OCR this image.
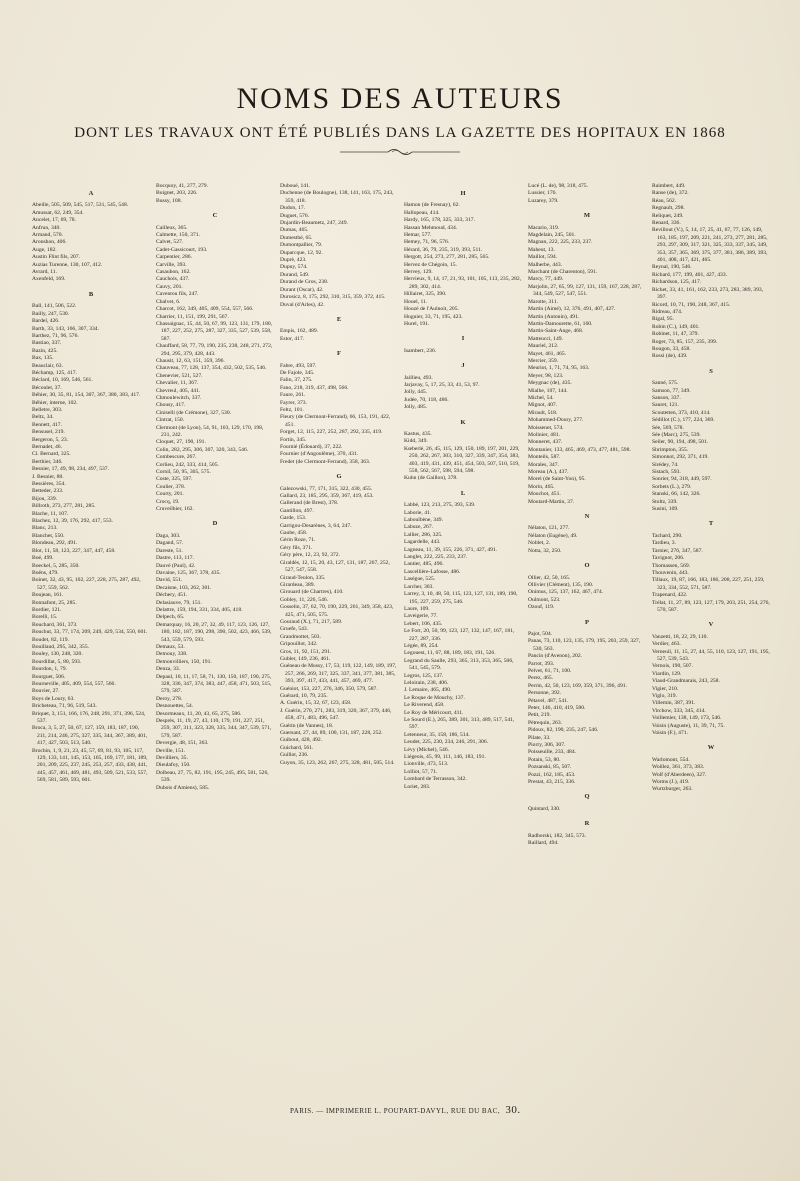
NOMS DES AUTEURS
DONT LES TRAVAUX ONT ÉTÉ PUBLIÉS DANS LA GAZETTE DES HOPITAUX EN 1868
A
Abeille, 505, 509, 545, 517, 531, 545, 548.
Amussat, 62, 249, 354.
Ancelet, 17, 69, 78.
Anfrun, 340.
Armand, 570.
Aronshon, 406.
Auge, 182.
Austin Flint fils, 207.
Auzias Turenne, 130, 107, 412.
Avrard, 11.
Axenfeld, 169.
B
Ball, 141, 506, 522.
Bailly, 247, 530.
Bardel, 426.
Barth, 33, 143, 166, 307, 334.
Barthez, 71, 96, 576.
Bastiao, 337.
Bazin, 425.
Bax, 135.
Beauclair, 63.
Béchamp, 125, 417.
Béclard, 10, 169, 546, 561.
Bécoulet, 37.
Béhier, 30, 35, 81, 154, 307, 367, 380, 383, 417.
Béhier, interne, 102.
Belletre, 303.
Beltz, 34.
Bennett, 417.
Bensusel, 219.
Bergeron, 5, 23.
Bernadet, 46.
Cl. Bernard, 325.
Berthier, 346.
Besnier, 17, 49, 98, 234, 497, 537.
J. Besnier, 88.
Bessières, 354.
Betteder, 233.
Bijou, 339.
Billroth, 273, 277, 281, 285.
Blache, 11, 107.
Blachez, 12, 39, 176, 292, 417, 553.
Blanc, 213.
Blanchet, 550.
Blondeau, 292, 491.
Blot, 11, 58, 123, 227, 347, 447, 458.
Boé, 499.
Boeckel, 5, 285, 350.
Boëns, 479.
Boinet, 32, 43, 95, 102, 227, 228, 275, 287, 492, 527, 559, 562.
Boujean, 161.
Bonnafont, 25, 285.
Bordier, 121.
Borelli, 15.
Bouchard, 361, 373.
Bouchut, 33, 77, 174, 209, 249, 429, 534, 550, 601.
Boudet, 82, 119.
Bouillaud, 295, 342, 355.
Bouley, 130, 248, 320.
Bourdillat, 5, 80, 593.
Bourdon, 1, 79.
Bourguet, 506.
Bourneville, 405, 409, 554, 557, 566.
Bouvier, 27.
Boys de Loury, 63.
Bricheteau, 71, 96, 519, 543.
Briquet, 3, 151, 166, 176, 248, 291, 371, 396, 524, 537.
Broca, 3, 5, 27, 50, 67, 127, 159, 183, 187, 190, 211, 214, 246, 275, 327, 335, 344, 367, 389, 401, 417, 427, 503, 513, 540.
Brochin, 1, 9, 21, 23, 45, 57, 69, 81, 93, 105, 117, 129, 133, 141, 145, 153, 165, 169, 177, 181, 189, 201, 209, 225, 237, 245, 253, 257, 433, 438, 441, 445, 457, 461, 469, 481, 493, 509, 521, 533, 557, 569, 581, 589, 593, 601.
Bocquoy, 41, 277, 279.
Buignet, 203, 226.
Bussy, 108.
C
Cailleux, 365.
Calmette, 150, 371.
Calvet, 527.
Cadet-Gassicourt, 193.
Carpentier, 286.
Carville, 393.
Casaubon, 162.
Cauchois, 437.
Cauvy, 201.
Caventou fils, 247.
Chalvet, 6.
Charcot, 162, 349, 405, 409, 554, 557, 566.
Charrier, 11, 151, 199, 291, 567.
Chassaignac, 15, 44, 50, 67, 99, 123, 131, 179, 180, 187, 227, 252, 275, 287, 327, 335, 527, 539, 558, 587.
Chauffard, 58, 77, 79, 190, 235, 238, 248, 271, 272, 294, 295, 379, 428, 443.
Chausit, 12, 63, 151, 359, 396.
Chauveau, 77, 128, 137, 354, 432, 502, 535, 546.
Chenevier, 521, 527.
Chevalier, 11, 367.
Chevreul, 405, 441.
Chmoulewitch, 337.
Chousy, 417.
Ciniselli (de Crémone), 327, 530.
Cintrat, 150.
Clermont (de Lyon), 54, 91, 103, 129, 170, 198, 231, 242.
Cloquet, 27, 190, 191.
Colin, 282, 295, 306, 307, 320, 343, 546.
Combescure, 267.
Corlieu, 242, 333, 414, 505.
Cornil, 50, 95, 305, 575.
Coste, 325, 597.
Coulier, 378.
Courty, 201.
Crocq, 19.
Cruveilhier, 162.
D
Daga, 303.
Dagand, 57.
Dareste, 51.
Dastre, 113, 117.
Dauvé (Paul), 42.
Davaine, 125, 367, 378, 435.
David, 551.
Decaisne, 103, 262, 301.
Déchery, 451.
Delasiauve, 79, 151.
Delattre, 159, 194, 331, 334, 405, 418.
Delpech, 65.
Demarquay, 16, 20, 27, 32, 49, 117, 123, 126, 127, 180, 182, 187, 190, 298, 390, 502, 423, 466, 539, 543, 559, 579, 593.
Demaux, 53.
Demouy, 338.
Demonvilliers, 150, 191.
Denza, 33.
Depaul, 10, 11, 17, 58, 71, 130, 150, 187, 190, 275, 328, 336, 347, 374, 383, 447, 458, 471, 503, 515, 579, 587.
Deroy, 278.
Desnouettes, 54.
Desormeaux, 11, 20, 43, 65, 275, 586.
Desprès, 11, 19, 27, 43, 110, 179, 191, 227, 251, 259, 307, 311, 323, 328, 335, 344, 347, 539, 571, 579, 587.
Devergie, 48, 151, 363.
Deville, 151.
Devilliers, 35.
Dieulafoy, 150.
Dolbeau, 27, 75, 82, 191, 195, 245, 495, 501, 526, 539.
Dubois d'Amiens), 585.
Duboué, 141.
Duchenne (de Boulogne), 138, 141, 163, 175, 243, 359, 418.
Dudon, 17.
Duguet, 576.
Dujardin-Beaumetz, 247, 249.
Dumas, 465.
Dumesthé, 65.
Dumontpallier, 79.
Duparcque, 12, 92.
Duprè, 423.
Dupuy, 574.
Durand, 549.
Durand de Gros, 238.
Durant (Oscar), 42.
Durosicz, 8, 175, 292, 310, 315, 359, 372, 415.
Duval (d'Arles), 42.
E
Empis, 162, 489.
Estor, 417.
F
Fabre, 493, 597.
De Fajole, 345.
Falin, 37, 275.
Fano, 218, 319, 437, 498, 566.
Faure, 261.
Fayrer, 373.
Feltz, 101.
Fleury (de Clermont-Ferrand), 66, 153, 191, 422, 451.
Forget, 12, 115, 227, 252, 287, 292, 335, 419.
Fortin, 345.
Fournié (Édouard), 37, 222.
Fournier (d'Angoulême), 370, 431.
Fredet (de Clermont-Ferrand), 358, 363.
G
Galezowski, 77, 171, 315, 322, 430, 455.
Gallard, 23, 185, 295, 359, 367, 419, 453.
Gallerand (de Brest), 378.
Gantillon, 497.
Garde, 153.
Garrigou-Desarènes, 3, 64, 247.
Gaube, 458.
Gérin Roze, 71.
Géry fils, 371.
Géry père, 12, 23, 92, 372.
Giraldès, 12, 15, 20, 43, 127, 131, 187, 267, 252, 527, 547, 558.
Giraud-Teulon, 335.
Girardeau, 389.
Girouard (de Chartres), 410.
Gobley, 11, 226, 546.
Gosselin, 37, 62, 70, 190, 229, 261, 349, 358, 423, 425, 471, 505, 575.
Gouraud (X.), 71, 217, 589.
Gruefe, 543.
Grandmottet, 503.
Gripouillot, 342.
Gros, 11, 92, 151, 291.
Gubler, 149, 236, 461.
Guéneau de Mussy, 17, 53, 119, 122, 149, 189, 197, 257, 266, 269, 317, 325, 337, 341, 377, 381, 385, 393, 397, 417, 433, 441, 457, 469, 477.
Guéniot, 153, 227, 276, 346, 350, 579, 587.
Guérard, 10, 79, 235.
A. Guérin, 15, 32, 67, 123, 458.
J. Guérin, 270, 271, 283, 319, 320, 367, 379, 446, 458, 471, 483, 496, 547.
Guérin (de Vannes), 18.
Guersant, 27, 44, 89, 100, 131, 187, 228, 252.
Guibout, 428, 492.
Guichard, 561.
Guillot, 236.
Guyon, 35, 123, 262, 267, 275, 328, 481, 505, 514.
H
Hamon (de Fresnay), 62.
Hallopeau, 414.
Hardy, 165, 178, 325, 333, 317.
Hassan Mehmoud, 434.
Hemar, 577.
Hemey, 71, 96, 576.
Hérard, 36, 79, 235, 319, 393, 511.
Hergott, 254, 273, 277, 281, 285, 565.
Hervez de Chégoin, 15.
Hervey, 129.
Hervieux, 9, 14, 17, 21, 93, 101, 105, 113, 235, 282, 289, 302, 414.
Hillairet, 325, 390.
Houel, 11.
Houzé de l'Aulnoit, 205.
Huguier, 33, 71, 195, 423.
Hurel, 191.
I
Isambert, 236.
J
Jaillieu, 493.
Jarjavay, 5, 17, 25, 33, 41, 53, 97.
Jolly, 445.
Judée, 70, 118, 486.
Jolly, 485.
K
Kastus, 435.
Kidd, 349.
Kœberlé, 26, 45, 115, 129, 150, 189, 197, 201, 229, 250, 262, 267, 303, 310, 327, 339, 347, 354, 383, 403, 419, 431, 439, 451, 454, 503, 507, 510, 519, 558, 562, 567, 598, 594, 598.
Kuhn (de Gaillon), 378.
L
Labbé, 123, 213, 275, 393, 539.
Laborie, 41.
Laboulbène, 349.
Labuze, 267.
Lallier, 286, 325.
Lagardelle, 443.
Lagneau, 11, 39, 155, 226, 371, 427, 491.
Langlet, 222, 225, 233, 237.
Lantier, 485, 496.
Lascellière-Lafosse, 486.
Laségue, 525.
Larcher, 303.
Larrey, 3, 10, 48, 50, 115, 123, 127, 131, 189, 190, 195, 227, 259, 275, 546.
Laure, 109.
Laveigerie, 77.
Lebert, 106, 435.
Le Fort, 20, 50, 99, 123, 127, 132, 147, 167, 181, 227, 287, 336.
Légée, 89, 254.
Legouest, 11, 67, 88, 189, 183, 191, 526.
Legrand du Saulle, 293, 365, 313, 353, 365, 506, 541, 545, 579.
Legros, 125, 137.
Leloirain, 238, 406.
J. Lemaire, 465, 490.
Le Roque de Mouchy, 137.
Le Riverend, 458.
Le Roy de Méricourt, 411.
Le Sourd (E.), 265, 389, 301, 313, 489, 517, 541, 597.
Letenneur, 35, 158, 186, 514.
Leudet, 225, 230, 234, 246, 291, 306.
Lévy (Michel), 546.
Liégeois, 45, 99, 111, 146, 183, 191.
Lionville, 473, 513.
Lolliot, 57, 71.
Lombard de Terrasson, 342.
Loriet, 283.
Lucé (L. de), 98, 318, 475.
Lussier, 176.
Luzarey, 379.
M
Macario, 319.
Magdelain, 245, 501.
Magnan, 222, 225, 233, 237.
Maheut, 13.
Maillot, 594.
Malherbe, 443.
Marchant (de Charenton), 591.
Marcy, 77, 449.
Marjolin, 27, 65, 99, 127, 131, 159, 167, 228, 287, 344, 549, 527, 547, 551.
Marotte, 311.
Martin (Aimé), 12, 376, 491, 407, 427.
Martin (Antonin), 491.
Martin-Damourette, 61, 160.
Martin-Saint-Ange, 468.
Matteucci, 149.
Mauriel, 212.
Mayet, 461, 465.
Mercier, 359.
Meuriot, 1, 71, 74, 95, 163.
Meyer, 98, 123.
Meygnac (de), 435.
Mialhe, 107, 144.
Michel, 54.
Mignot, 407.
Mirault, 518.
Mohammed-Doury, 277.
Moissenet, 574.
Molinier, 481.
Monneret, 437.
Montanier, 133, 465, 469, 473, 477, 481, 598.
Monteils, 587.
Morales, 347.
Moreau (A.), 437.
Morel (de Saint-Yon), 95.
Morin, 465.
Mouchot, 451.
Moutard-Martin, 37.
N
Nélaton, 121, 277.
Nélaton (Eugène), 49.
Noblet, 2.
Notta, 32, 250.
O
Ollier, 42, 50, 165.
Ollivier (Clément), 135, 190.
Onimus, 125, 137, 162, 467, 474.
Oulmont, 523.
Ozouf, 119.
P
Pajot, 504.
Panas, 73, 110, 123, 135, 179, 195, 203, 259, 327, 530, 563.
Pancin (d'Avenon), 202.
Parrot, 393.
Pelvet, 61, 71, 100.
Perez, 465.
Perrin, 42, 50, 123, 169, 359, 371, 396, 491.
Personne, 392.
Pétavel, 487, 541.
Peter, 146, 410, 419, 580.
Petit, 219.
Pétrequin, 263.
Pidoux, 82, 190, 235, 247, 546.
Pilate, 33.
Piorry, 306, 307.
Poisseuille, 233, 484.
Potain, 53, 80.
Pozsanski, 85, 507.
Pozzi, 162, 185, 453.
Prestat, 43, 215, 336.
Q
Quintard, 330.
R
Radborski, 182, 345, 573.
Raillard, 494.
Raimbert, 449.
Ranse (de), 372.
Réau, 562.
Regnault, 298.
Reliquet, 249.
Renard, 336.
Revillout (V.), 5, 14, 17, 25, 41, 67, 77, 126, 149, 163, 185, 197, 209, 221, 241, 273, 277, 281, 285, 293, 297, 309, 317, 321, 325, 333, 337, 345, 349, 353, 357, 365, 369, 375, 377, 381, 386, 389, 393, 401, 408, 417, 421, 465.
Reynal, 190, 546.
Richard, 177, 199, 401, 427, 433.
Richardson, 125, 417.
Richet, 33, 41, 161, 162, 233, 273, 283, 389, 393, 397.
Ricord, 10, 71, 190, 248, 367, 415.
Ridreau, 474.
Rigal, 95.
Robin (C.), 149, 401.
Robinet, 11, 47, 379.
Roger, 73, 85, 157, 235, 399.
Rougon, 33, 458.
Rossi (de), 439.
S
Sanné, 575.
Samson, 77, 349.
Sanson, 337.
Sauret, 121.
Scoutetten, 373, 410, 414.
Sédillot (C.), 177, 224, 369.
Sée, 569, 578.
Sée (Marc), 275, 539.
Seiler, 90, 194, 498, 501.
Shrimpton, 355.
Simonnot, 292, 371, 419.
Sirédey, 74.
Sistach, 593.
Sonrier, 94, 318, 449, 597.
Sorbets (L.), 279.
Stanski, 66, 142, 326.
Stoltz, 339.
Susini, 109.
T
Tachard, 290.
Tardieu, 3.
Tarnier, 276, 347, 587.
Tavignot, 206.
Thomassen, 569.
Thouvenin, 443.
Tillaux, 19, 87, 166, 183, 186, 208, 227, 251, 259, 323, 334, 552, 571, 587.
Trapenard, 422.
Trélat, 11, 27, 89, 123, 127, 179, 203, 251, 254, 276, 570, 587.
V
Vanzetti, 18, 22, 29, 110.
Verdier, 463.
Verneuil, 11, 15, 27, 44, 55, 110, 123, 127, 191, 195, 527, 539, 543.
Vernois, 190, 507.
Viardin, 129.
Viaud-Grandmarais, 243, 258.
Vigier, 210.
Viglo, 319.
Villemin, 387, 391.
Virchow, 333, 345, 414.
Voillemier, 138, 149, 173, 546.
Voisin (Auguste), 11, 39, 71, 75.
Voisin (F.), 471.
W
Warlomont, 554.
Woillez, 361, 373, 383.
Wolf (d'Aberdeen), 327.
Worms (J.), 419.
Wurtzburger, 263.
PARIS. — IMPRIMERIE L. POUPART-DAVYL, RUE DU BAC, 30.
